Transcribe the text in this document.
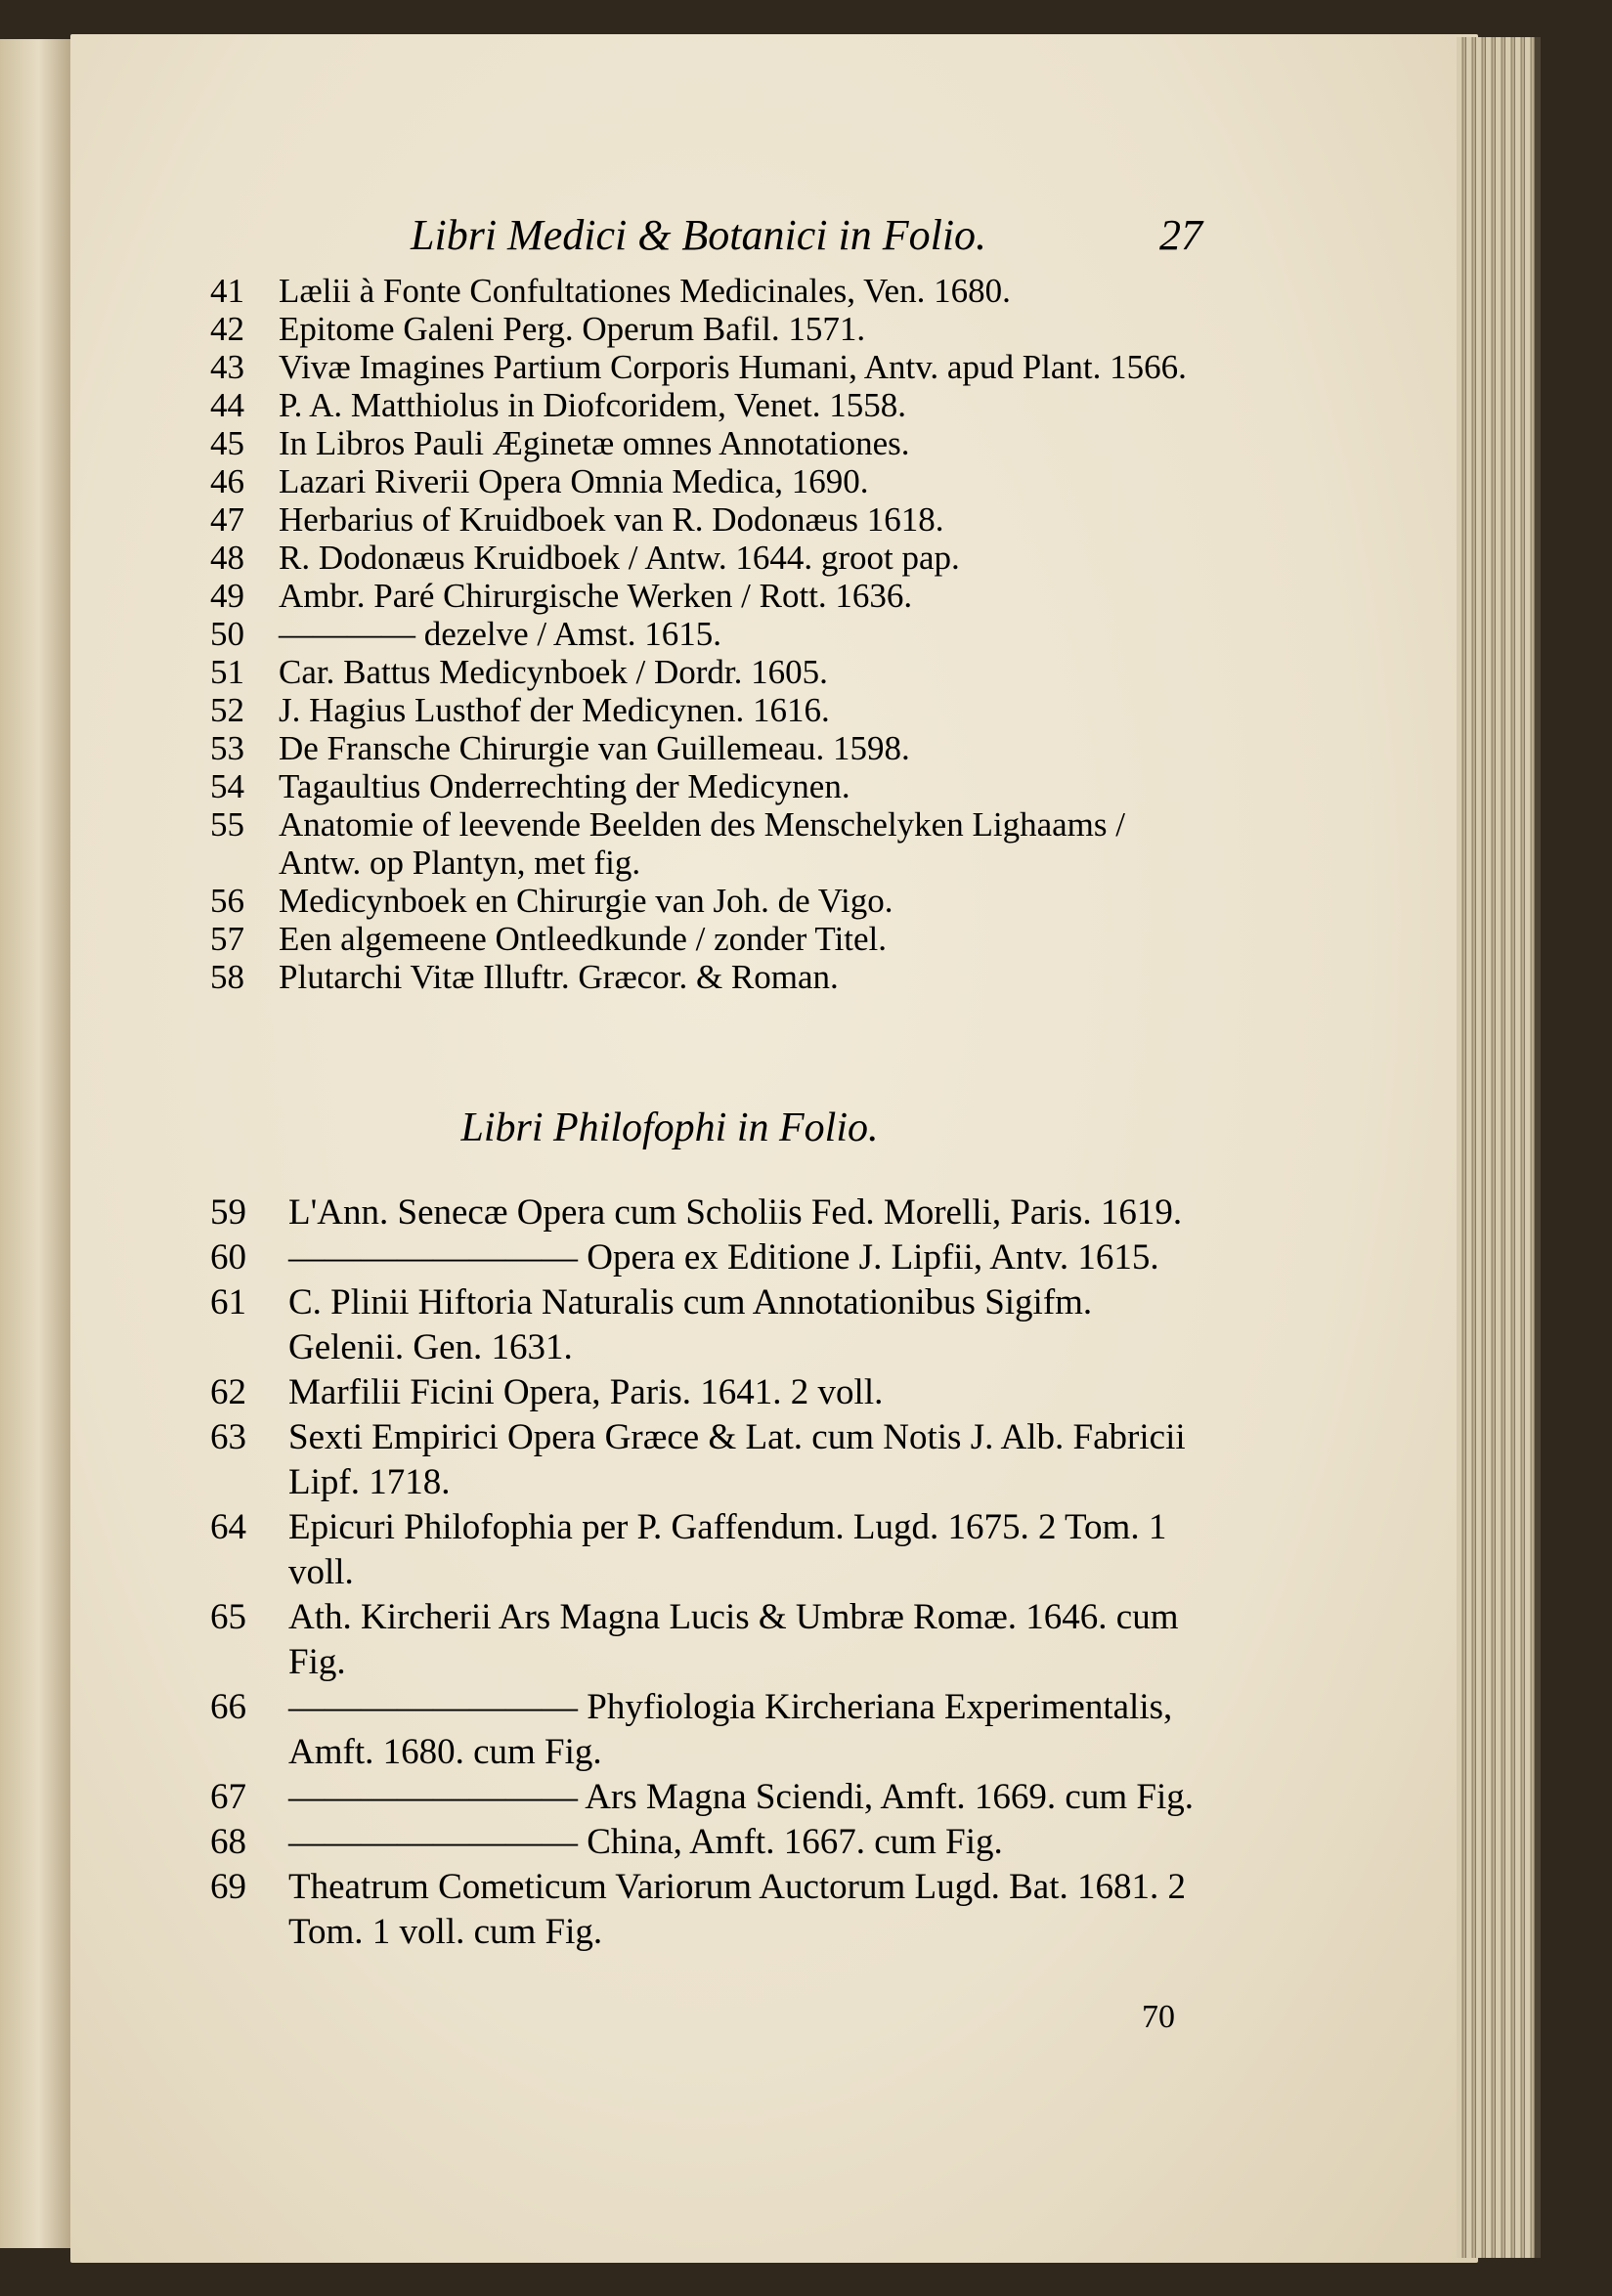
Libri Medici & Botanici in Folio.	27
41	Lælii à Fonte Confultationes Medicinales, Ven. 1680.
42	Epitome Galeni Perg. Operum Bafil. 1571.
43	Vivæ Imagines Partium Corporis Humani, Antv. apud Plant. 1566.
44	P. A. Matthiolus in Diofcoridem, Venet. 1558.
45	In Libros Pauli Æginetæ omnes Annotationes.
46	Lazari Riverii Opera Omnia Medica, 1690.
47	Herbarius of Kruidboek van R. Dodonæus 1618.
48	R. Dodonæus Kruidboek / Antw. 1644. groot pap.
49	Ambr. Paré Chirurgische Werken / Rott. 1636.
50	———— dezelve / Amst. 1615.
51	Car. Battus Medicynboek / Dordr. 1605.
52	J. Hagius Lusthof der Medicynen. 1616.
53	De Fransche Chirurgie van Guillemeau. 1598.
54	Tagaultius Onderrechting der Medicynen.
55	Anatomie of leevende Beelden des Menschelyken Lighaams / Antw. op Plantyn, met fig.
56	Medicynboek en Chirurgie van Joh. de Vigo.
57	Een algemeene Ontleedkunde / zonder Titel.
58	Plutarchi Vitæ Illuftr. Græcor. & Roman.
Libri Philofophi in Folio.
59	L'Ann. Senecæ Opera cum Scholiis Fed. Morelli, Paris. 1619.
60	———————— Opera ex Editione J. Lipfii, Antv. 1615.
61	C. Plinii Hiftoria Naturalis cum Annotationibus Sigifm. Gelenii. Gen. 1631.
62	Marfilii Ficini Opera, Paris. 1641. 2 voll.
63	Sexti Empirici Opera Græce & Lat. cum Notis J. Alb. Fabricii Lipf. 1718.
64	Epicuri Philofophia per P. Gaffendum. Lugd. 1675. 2 Tom. 1 voll.
65	Ath. Kircherii Ars Magna Lucis & Umbræ Romæ. 1646. cum Fig.
66	———————— Phyfiologia Kircheriana Experimentalis, Amft. 1680. cum Fig.
67	———————— Ars Magna Sciendi, Amft. 1669. cum Fig.
68	———————— China, Amft. 1667. cum Fig.
69	Theatrum Cometicum Variorum Auctorum Lugd. Bat. 1681. 2 Tom. 1 voll. cum Fig.
70
